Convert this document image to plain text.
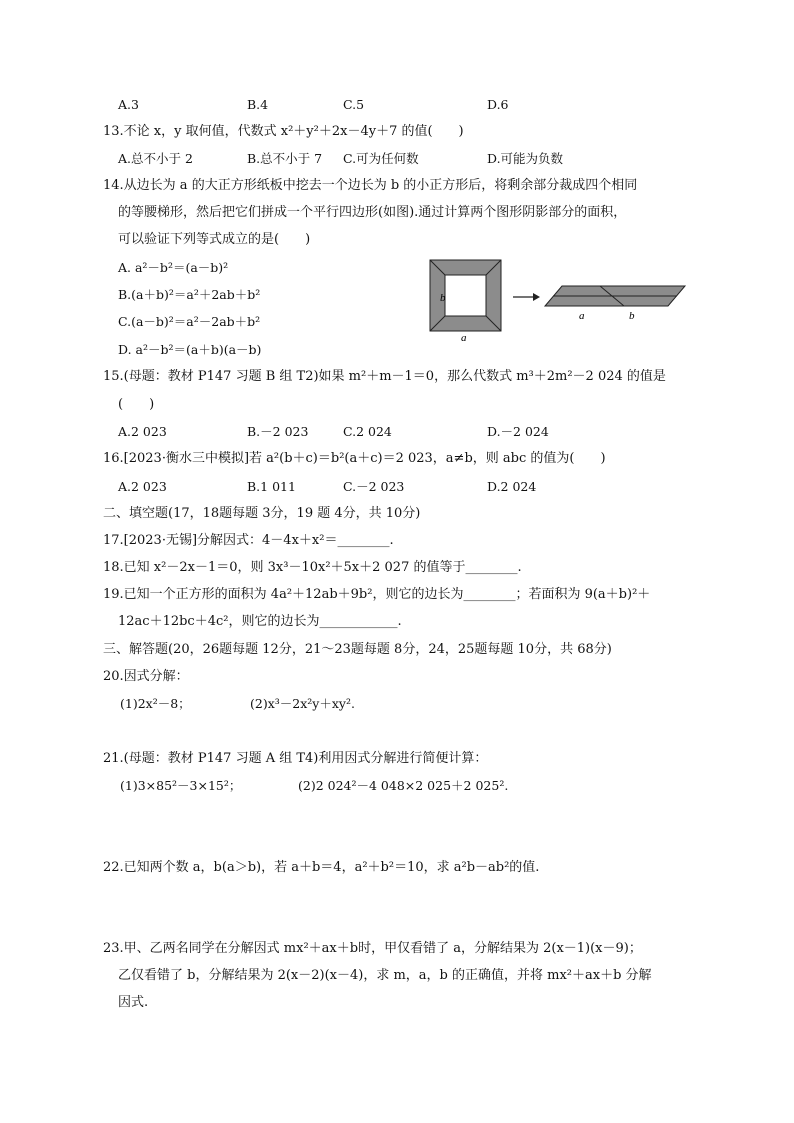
A.3	B.4	C.5	D.6
13.不论 x，y 取何值，代数式 x²＋y²＋2x－4y＋7 的值(　　)
A.总不小于 2	B.总不小于 7 C.可为任何数	D.可能为负数
14.从边长为 a 的大正方形纸板中挖去一个边长为 b 的小正方形后，将剩余部分裁成四个相同
的等腰梯形，然后把它们拼成一个平行四边形(如图).通过计算两个图形阴影部分的面积，
可以验证下列等式成立的是(　　)
A. a²－b²＝(a－b)²
B.(a＋b)²＝a²＋2ab＋b²
C.(a－b)²＝a²－2ab＋b²
D. a²－b²＝(a＋b)(a－b)
b
a
a	b
15.(母题：教材 P147 习题 B 组 T2)如果 m²＋m－1＝0，那么代数式 m³＋2m²－2 024 的值是
(　　)
A.2 023	B.－2 023	C.2 024	D.－2 024
16.[2023·衡水三中模拟]若 a²(b＋c)＝b²(a＋c)＝2 023，a≠b，则 abc 的值为(　　)
A.2 023	B.1 011	C.－2 023	D.2 024
二、填空题(17，18题每题 3分，19 题 4分，共 10分)
17.[2023·无锡]分解因式：4－4x＋x²＝________.
18.已知 x²－2x－1＝0，则 3x³－10x²＋5x＋2 027 的值等于________.
19.已知一个正方形的面积为 4a²＋12ab＋9b²，则它的边长为________；若面积为 9(a＋b)²＋
12ac＋12bc＋4c²，则它的边长为____________.
三、解答题(20，26题每题 12分，21～23题每题 8分，24，25题每题 10分，共 68分)
20.因式分解：
(1)2x²－8；	(2)x³－2x²y＋xy².
21.(母题：教材 P147 习题 A 组 T4)利用因式分解进行简便计算：
(1)3×85²－3×15²；	(2)2 024²－4 048×2 025＋2 025².
22.已知两个数 a，b(a＞b)，若 a＋b＝4，a²＋b²＝10，求 a²b－ab²的值.
23.甲、乙两名同学在分解因式 mx²＋ax＋b时，甲仅看错了 a，分解结果为 2(x－1)(x－9)；
乙仅看错了 b，分解结果为 2(x－2)(x－4)，求 m，a，b 的正确值，并将 mx²＋ax＋b 分解
因式.
